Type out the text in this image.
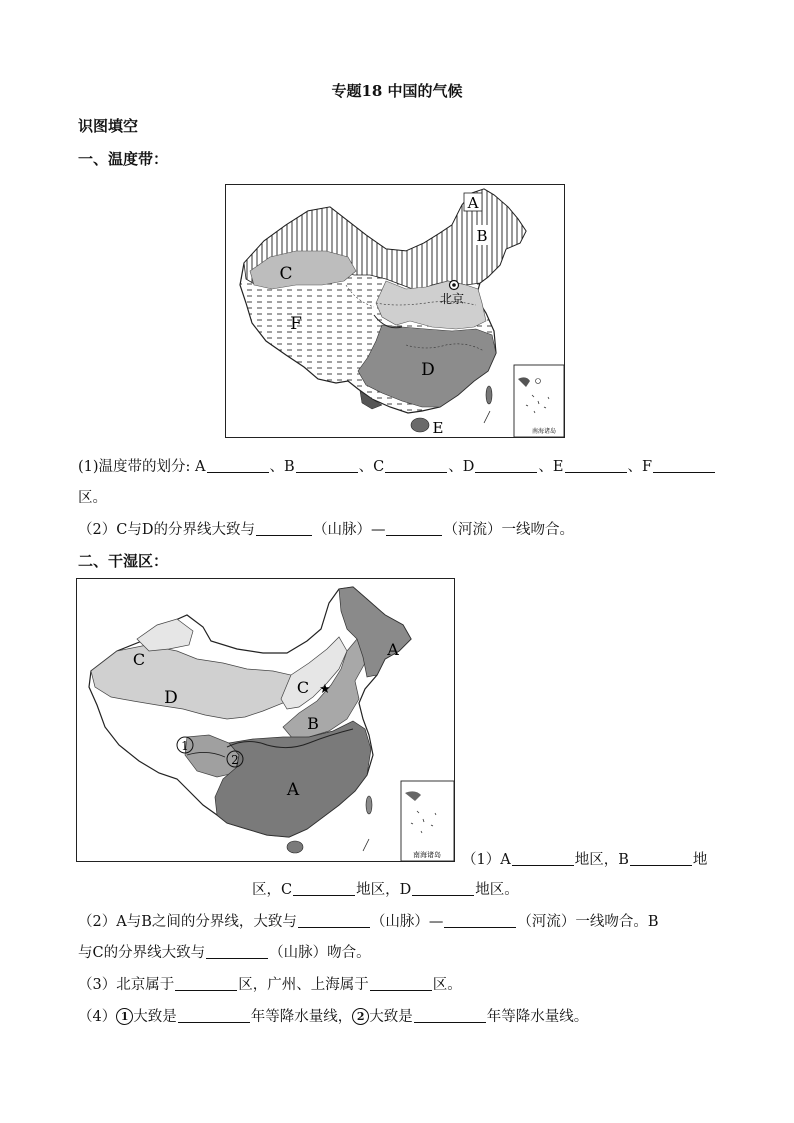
专题18 中国的气候
识图填空
一、温度带：
A
B
C
F
D
E
北京
南海诸岛
(1)温度带的划分: A	、B	、C	、D	、E	、F
区。
（2）C与D的分界线大致与	（山脉）—	（河流）一线吻合。
二、干湿区：
★
A
C
C
D
B
A
1
2
南海诸岛 （1）A	地区，B	地
区，C	地区，D	地区。
（2）A与B之间的分界线，大致与	（山脉）—	（河流）一线吻合。B
与C的分界线大致与	（山脉）吻合。
（3）北京属于	区，广州、上海属于	区。
（4） 1 大致是	年等降水量线， 2 大致是	年等降水量线。
